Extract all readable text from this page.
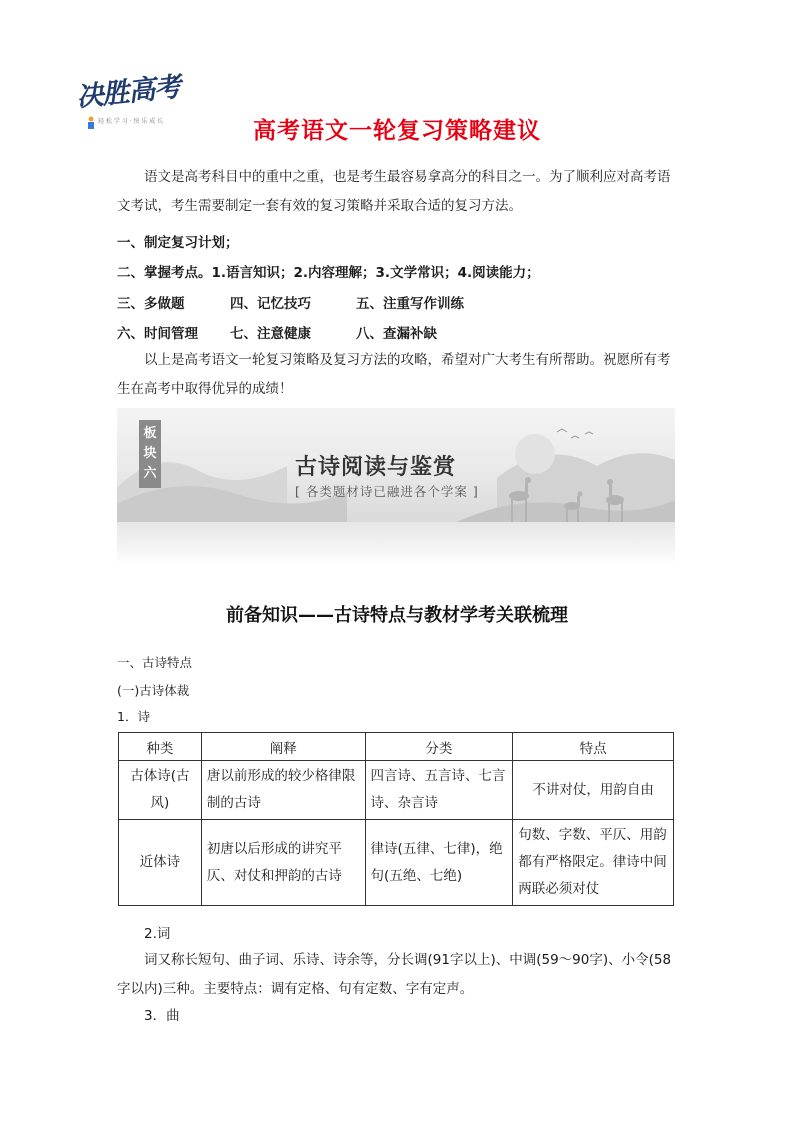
决胜高考
轻 松 学 习 · 快 乐 成 长	高考语文一轮复习策略建议
语文是高考科目中的重中之重，也是考生最容易拿高分的科目之一。为了顺利应对高考语文考试，考生需要制定一套有效的复习策略并采取合适的复习方法。
一、制定复习计划；
二、掌握考点。1.语言知识；2.内容理解；3.文学常识；4.阅读能力；
三、多做题	四、记忆技巧	五、注重写作训练
六、时间管理 七、注意健康	八、查漏补缺
以上是高考语文一轮复习策略及复习方法的攻略，希望对广大考生有所帮助。祝愿所有考生在高考中取得优异的成绩！
板
块
六	古诗阅读与鉴赏
[ 各类题材诗已融进各个学案 ]
前备知识——古诗特点与教材学考关联梳理
一、古诗特点
(一)古诗体裁
1．诗
种类	阐释	分类	特点
古体诗(古风)	唐以前形成的较少格律限制的古诗	四言诗、五言诗、七言诗、杂言诗	不讲对仗，用韵自由
近体诗	初唐以后形成的讲究平仄、对仗和押韵的古诗	律诗(五律、七律)，绝句(五绝、七绝)	句数、字数、平仄、用韵都有严格限定。律诗中间两联必须对仗
2.词
词又称长短句、曲子词、乐诗、诗余等，分长调(91字以上)、中调(59～90字)、小令(58字以内)三种。主要特点：调有定格、句有定数、字有定声。
3．曲
